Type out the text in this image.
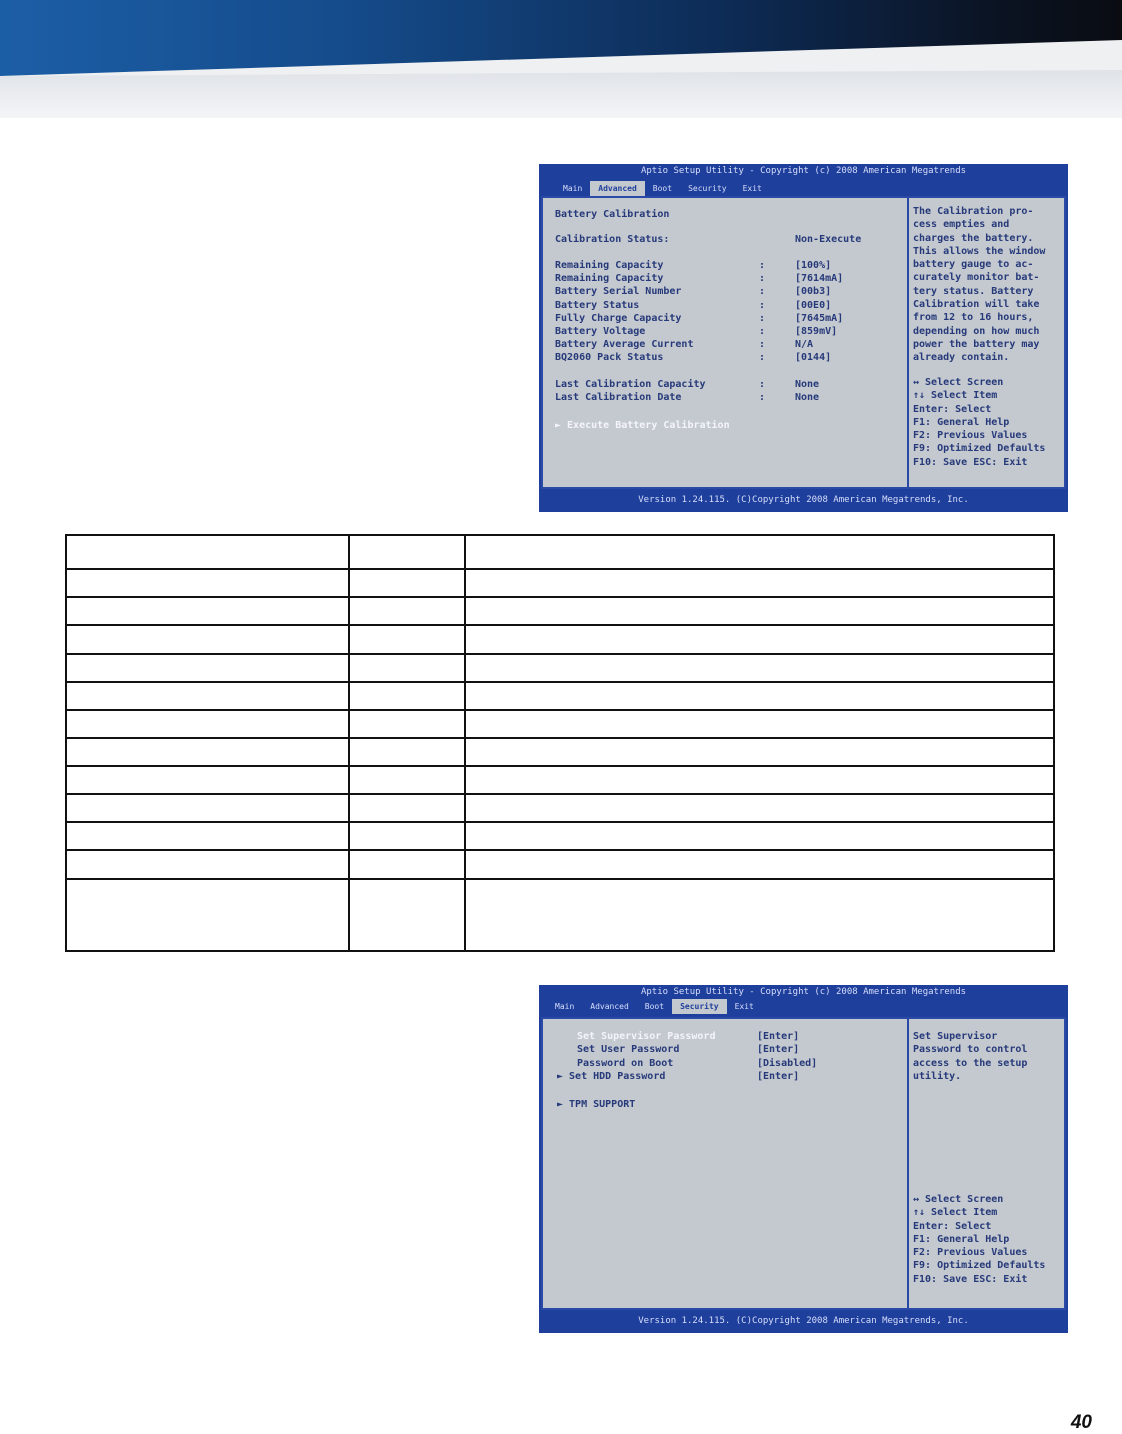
Aptio Setup Utility - Copyright (c) 2008 American Megatrends
Main	Advanced	Boot	Security	Exit
Battery Calibration
Calibration Status:	Non-Execute
Remaining Capacity	:	[100%]
Remaining Capacity	:	[7614mA]
Battery Serial Number	:	[00b3]
Battery Status	:	[00E0]
Fully Charge Capacity	:	[7645mA]
Battery Voltage	:	[859mV]
Battery Average Current	:	N/A
BQ2060 Pack Status	:	[0144]
Last Calibration Capacity	:	None
Last Calibration Date	:	None
► Execute Battery Calibration
The Calibration pro-
cess empties and
charges the battery.
This allows the window
battery gauge to ac-
curately monitor bat-
tery status. Battery
Calibration will take
from 12 to 16 hours,
depending on how much
power the battery may
already contain.
↔ Select Screen
↑↓ Select Item
Enter: Select
F1: General Help
F2: Previous Values
F9: Optimized Defaults
F10: Save ESC: Exit
Version 1.24.115. (C)Copyright 2008 American Megatrends, Inc.

Aptio Setup Utility - Copyright (c) 2008 American Megatrends
Main	Advanced	Boot	Security	Exit
Set Supervisor Password	[Enter]
Set User Password	[Enter]
Password on Boot	[Disabled]
► Set HDD Password	[Enter]
► TPM SUPPORT
Set Supervisor
Password to control
access to the setup
utility.
↔ Select Screen
↑↓ Select Item
Enter: Select
F1: General Help
F2: Previous Values
F9: Optimized Defaults
F10: Save ESC: Exit
Version 1.24.115. (C)Copyright 2008 American Megatrends, Inc.
40
